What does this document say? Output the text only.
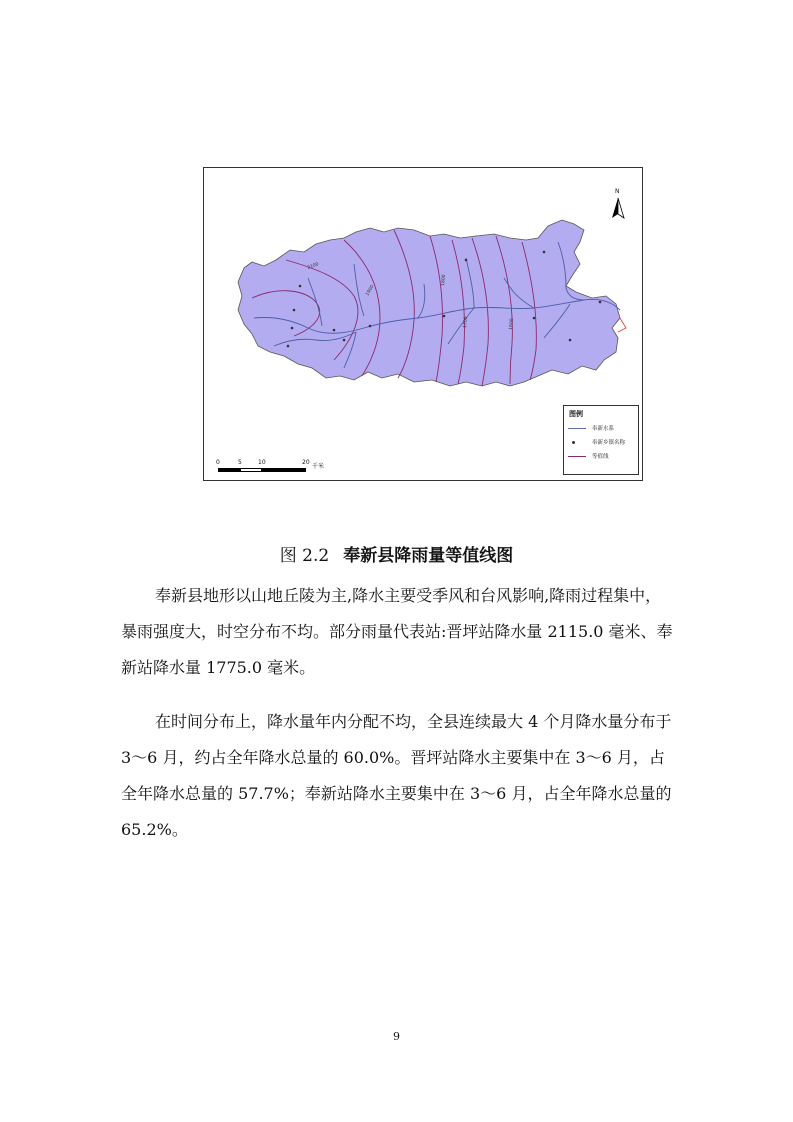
2100
1900
1800
1700	1600
N
图例
奉新水系
奉新乡镇名称
等值线
0	5	10	20
千米
图 2.2 奉新县降雨量等值线图

奉新县地形以山地丘陵为主,降水主要受季风和台风影响,降雨过程集中，暴雨强度大，时空分布不均。部分雨量代表站:晋坪站降水量 2115.0 毫米、奉新站降水量 1775.0 毫米。

在时间分布上，降水量年内分配不均，全县连续最大 4 个月降水量分布于 3～6 月，约占全年降水总量的 60.0%。晋坪站降水主要集中在 3～6 月，占全年降水总量的 57.7%；奉新站降水主要集中在 3～6 月，占全年降水总量的 65.2%。

9
